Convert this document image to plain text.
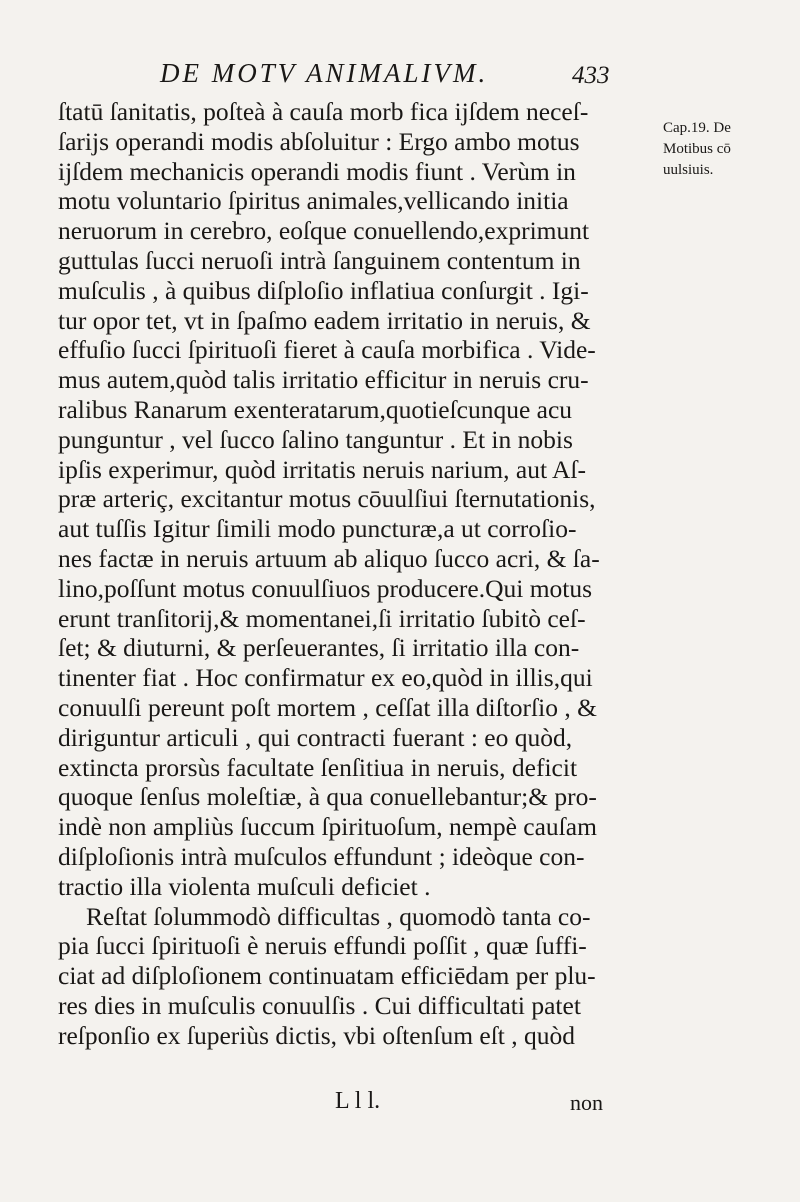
DE MOTV ANIMALIVM.	433
ſtatū ſanitatis, poſteà à cauſa morb fica ijſdem neceſ-
ſarijs operandi modis abſoluitur : Ergo ambo motus
ijſdem mechanicis operandi modis fiunt . Verùm in
motu voluntario ſpiritus animales,vellicando initia
neruorum in cerebro, eoſque conuellendo,exprimunt
guttulas ſucci neruoſi intrà ſanguinem contentum in
muſculis , à quibus diſploſio inflatiua conſurgit . Igi-
tur opor tet, vt in ſpaſmo eadem irritatio in neruis, &
effuſio ſucci ſpirituoſi fieret à cauſa morbifica . Vide-
mus autem,quòd talis irritatio efficitur in neruis cru-
ralibus Ranarum exenteratarum,quotieſcunque acu
punguntur , vel ſucco ſalino tanguntur . Et in nobis
ipſis experimur, quòd irritatis neruis narium, aut Aſ-
præ arteriç, excitantur motus cōuulſiui ſternutationis,
aut tuſſis Igitur ſimili modo puncturæ,a ut corroſio-
nes factæ in neruis artuum ab aliquo ſucco acri, & ſa-
lino,poſſunt motus conuulſiuos producere.Qui motus
erunt tranſitorij,& momentanei,ſi irritatio ſubitò ceſ-
ſet; & diuturni, & perſeuerantes, ſi irritatio illa con-
tinenter fiat . Hoc confirmatur ex eo,quòd in illis,qui
conuulſi pereunt poſt mortem , ceſſat illa diſtorſio , &
diriguntur articuli , qui contracti fuerant : eo quòd,
extincta prorsùs facultate ſenſitiua in neruis, deficit
quoque ſenſus moleſtiæ, à qua conuellebantur;& pro-
indè non ampliùs ſuccum ſpirituoſum, nempè cauſam
diſploſionis intrà muſculos effundunt ; ideòque con-
tractio illa violenta muſculi deficiet .
Reſtat ſolummodò difficultas , quomodò tanta co-
pia ſucci ſpirituoſi è neruis effundi poſſit , quæ ſuffi-
ciat ad diſploſionem continuatam efficiēdam per plu-
res dies in muſculis conuulſis . Cui difficultati patet
reſponſio ex ſuperiùs dictis, vbi oſtenſum eſt , quòd
Cap.19. De
Motibus cō
uulsiuis.
L l l.	non
